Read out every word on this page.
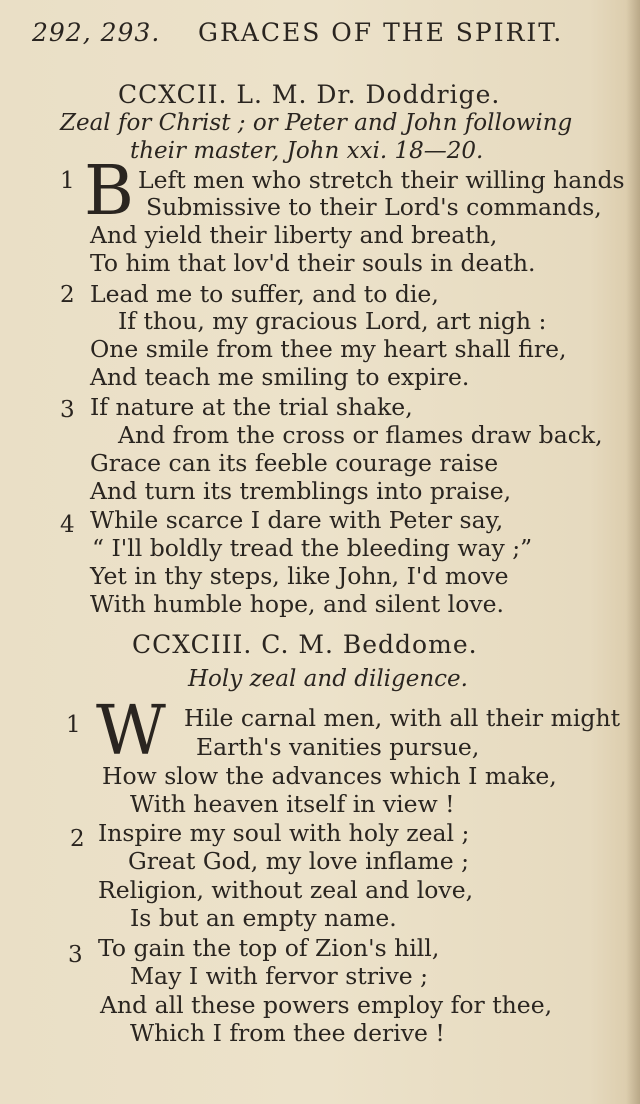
292, 293. GRACES OF THE SPIRIT.
CCXCII. L. M. Dr. Doddrige.
Zeal for Christ ; or Peter and John following
their master, John xxi. 18—20.
1 B Left men who stretch their willing hands
Submissive to their Lord's commands,
And yield their liberty and breath,
To him that lov'd their souls in death.
2 Lead me to suffer, and to die,
If thou, my gracious Lord, art nigh :
One smile from thee my heart shall fire,
And teach me smiling to expire.
3 If nature at the trial shake,
And from the cross or flames draw back,
Grace can its feeble courage raise
And turn its tremblings into praise,
4 While scarce I dare with Peter say,
“ I'll boldly tread the bleeding way ;”
Yet in thy steps, like John, I'd move
With humble hope, and silent love.
CCXCIII. C. M. Beddome.
Holy zeal and diligence.
1 W Hile carnal men, with all their might
Earth's vanities pursue,
How slow the advances which I make,
With heaven itself in view !
2 Inspire my soul with holy zeal ;
Great God, my love inflame ;
Religion, without zeal and love,
Is but an empty name.
3 To gain the top of Zion's hill,
May I with fervor strive ;
And all these powers employ for thee,
Which I from thee derive !
